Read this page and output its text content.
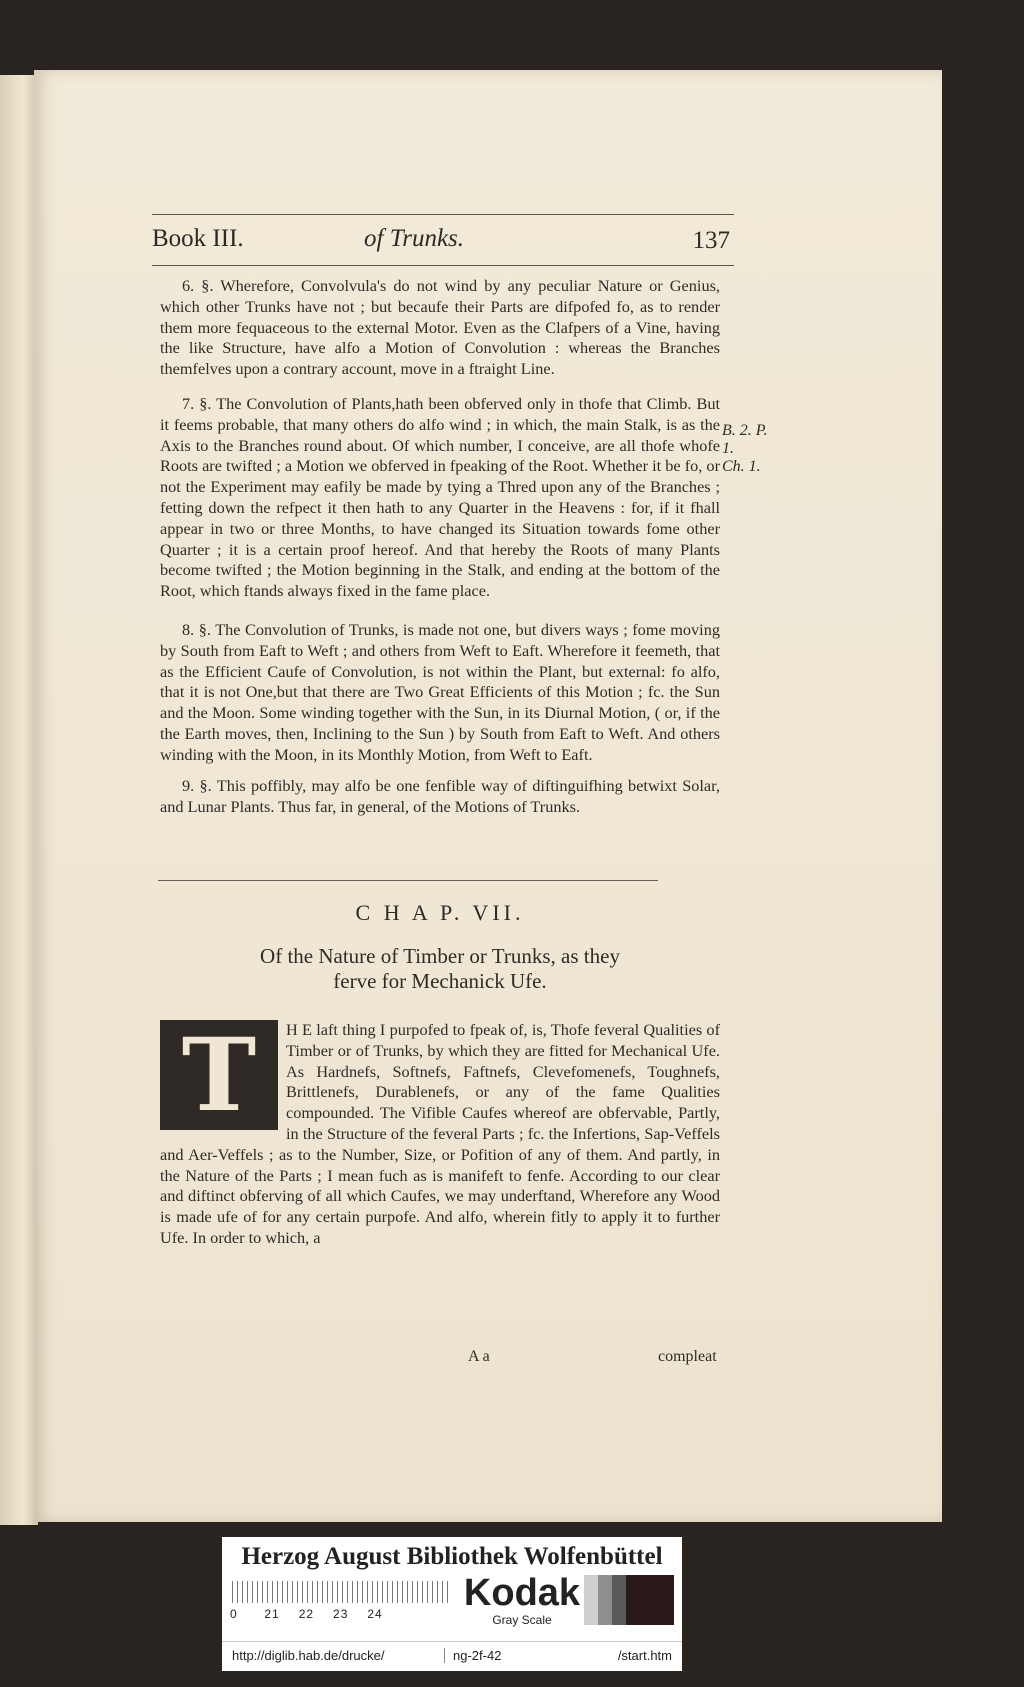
Book III.	of Trunks.	137

6. §. Wherefore, Convolvula's do not wind by any peculiar Nature or Genius, which other Trunks have not ; but becaufe their Parts are difpofed fo, as to render them more fequaceous to the external Motor. Even as the Clafpers of a Vine, having the like Structure, have alfo a Motion of Convolution : whereas the Branches themfelves upon a contrary account, move in a ftraight Line.

7. §. The Convolution of Plants,hath been obferved only in thofe that Climb. But it feems probable, that many others do alfo wind ; in which, the main Stalk, is as the Axis to the Branches round about. Of which number, I conceive, are all thofe whofe Roots are twifted ; a Motion we obferved in fpeaking of the Root. Whether it be fo, or not the Experiment may eafily be made by tying a Thred upon any of the Branches ; fetting down the refpect it then hath to any Quarter in the Heavens : for, if it fhall appear in two or three Months, to have changed its Situation towards fome other Quarter ; it is a certain proof hereof. And that hereby the Roots of many Plants become twifted ; the Motion beginning in the Stalk, and ending at the bottom of the Root, which ftands always fixed in the fame place.

B. 2. P. 1.
Ch. 1.

8. §. The Convolution of Trunks, is made not one, but divers ways ; fome moving by South from Eaft to Weft ; and others from Weft to Eaft. Wherefore it feemeth, that as the Efficient Caufe of Convolution, is not within the Plant, but external: fo alfo, that it is not One,but that there are Two Great Efficients of this Motion ; fc. the Sun and the Moon. Some winding together with the Sun, in its Diurnal Motion, ( or, if the the Earth moves, then, Inclining to the Sun ) by South from Eaft to Weft. And others winding with the Moon, in its Monthly Motion, from Weft to Eaft.

9. §. This poffibly, may alfo be one fenfible way of diftinguifhing betwixt Solar, and Lunar Plants. Thus far, in general, of the Motions of Trunks.

C H A P. VII.
Of the Nature of Timber or Trunks, as they
ferve for Mechanick Ufe.
H E laft thing I purpofed to fpeak of, is, Thofe feveral Qualities of Timber or of Trunks, by which they are fitted for Mechanical Ufe. As Hardnefs, Softnefs, Faftnefs, Clevefomenefs, Toughnefs, Brittlenefs, Durablenefs, or any of the fame Qualities compounded. The Vifible Caufes whereof are obfervable, Partly, in the Structure of the feveral Parts ; fc. the Infertions, Sap-Veffels and Aer-Veffels ; as to the Number, Size, or Pofition of any of them. And partly, in the Nature of the Parts ; I mean fuch as is manifeft to fenfe. According to our clear and diftinct obferving of all which Caufes, we may underftand, Wherefore any Wood is made ufe of for any certain purpofe. And alfo, wherein fitly to apply it to further Ufe. In order to which, a
T
A a	compleat
Herzog August Bibliothek Wolfenbüttel
0 21 22 23 24	Kodak
Gray Scale
http://diglib.hab.de/drucke/	ng-2f-42	/start.htm
